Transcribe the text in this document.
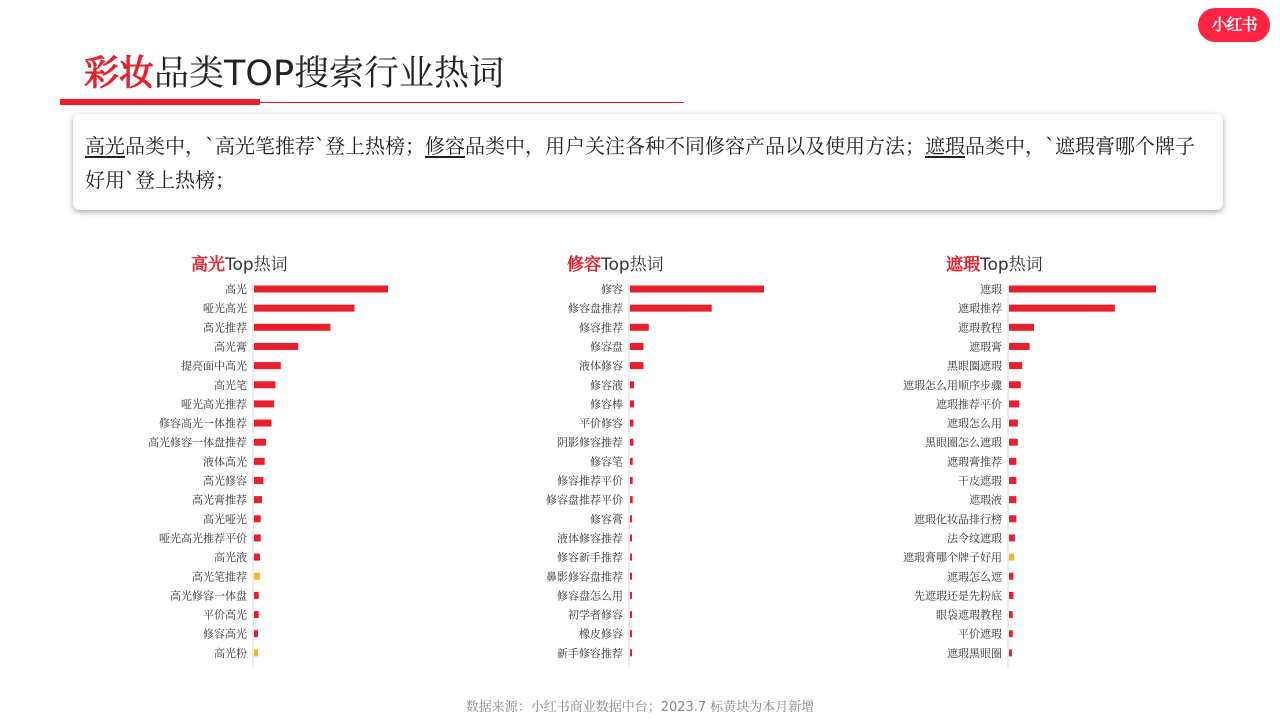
小红书
彩妆品类TOP搜索行业热词
高光品类中，`高光笔推荐`登上热榜；修容品类中，用户关注各种不同修容产品以及使用方法；遮瑕品类中，`遮瑕膏哪个牌子好用`登上热榜；
高光Top热词	修容Top热词	遮瑕Top热词
高光
哑光高光
高光推荐
高光膏
提亮面中高光
高光笔
哑光高光推荐
修容高光一体推荐
高光修容一体盘推荐
液体高光
高光修容
高光膏推荐
高光哑光
哑光高光推荐平价
高光液
高光笔推荐
高光修容一体盘
平价高光
修容高光
高光粉
修容
修容盘推荐
修容推荐
修容盘
液体修容
修容液
修容棒
平价修容
阴影修容推荐
修容笔
修容推荐平价
修容盘推荐平价
修容膏
液体修容推荐
修容新手推荐
鼻影修容盘推荐
修容盘怎么用
初学者修容
橡皮修容
新手修容推荐
遮瑕
遮瑕推荐
遮瑕教程
遮瑕膏
黑眼圈遮瑕
遮瑕怎么用顺序步骤
遮瑕推荐平价
遮瑕怎么用
黑眼圈怎么遮瑕
遮瑕膏推荐
干皮遮瑕
遮瑕液
遮瑕化妆品排行榜
法令纹遮瑕
遮瑕膏哪个牌子好用
遮瑕怎么遮
先遮瑕还是先粉底
眼袋遮瑕教程
平价遮瑕
遮瑕黑眼圈
数据来源：小红书商业数据中台；2023.7 标黄块为本月新增
